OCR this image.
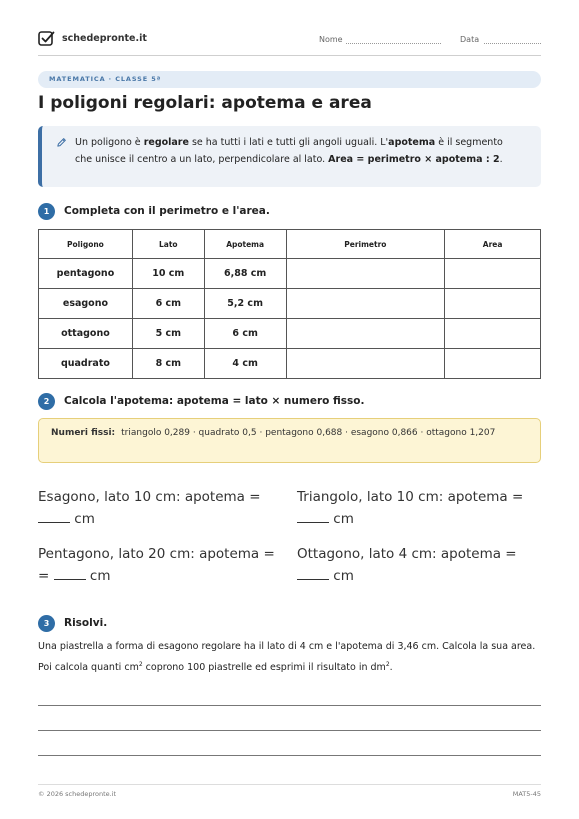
schedepronte.it	Nome	Data
MATEMATICA · CLASSE 5ª
I poligoni regolari: apotema e area
Un poligono è regolare se ha tutti i lati e tutti gli angoli uguali. L'apotema è il segmento che unisce il centro a un lato, perpendicolare al lato. Area = perimetro × apotema : 2.
1	Completa con il perimetro e l'area.
Poligono	Lato	Apotema	Perimetro	Area
pentagono	10 cm	6,88 cm		
esagono	6 cm	5,2 cm		
ottagono	5 cm	6 cm		
quadrato	8 cm	4 cm		
2	Calcola l'apotema: apotema = lato × numero fisso.
Numeri fissi: triangolo 0,289 · quadrato 0,5 · pentagono 0,688 · esagono 0,866 · ottagono 1,207
Esagono, lato 10 cm: apotema =
cm
Triangolo, lato 10 cm: apotema =
cm
Pentagono, lato 20 cm: apotema =
=	cm
Ottagono, lato 4 cm: apotema =
cm
3	Risolvi.
Una piastrella a forma di esagono regolare ha il lato di 4 cm e l'apotema di 3,46 cm. Calcola la sua area. Poi calcola quanti $cm^2$ coprono 100 piastrelle ed esprimi il risultato in $dm^2$.
© 2026 schedepronte.it	MAT5-45
